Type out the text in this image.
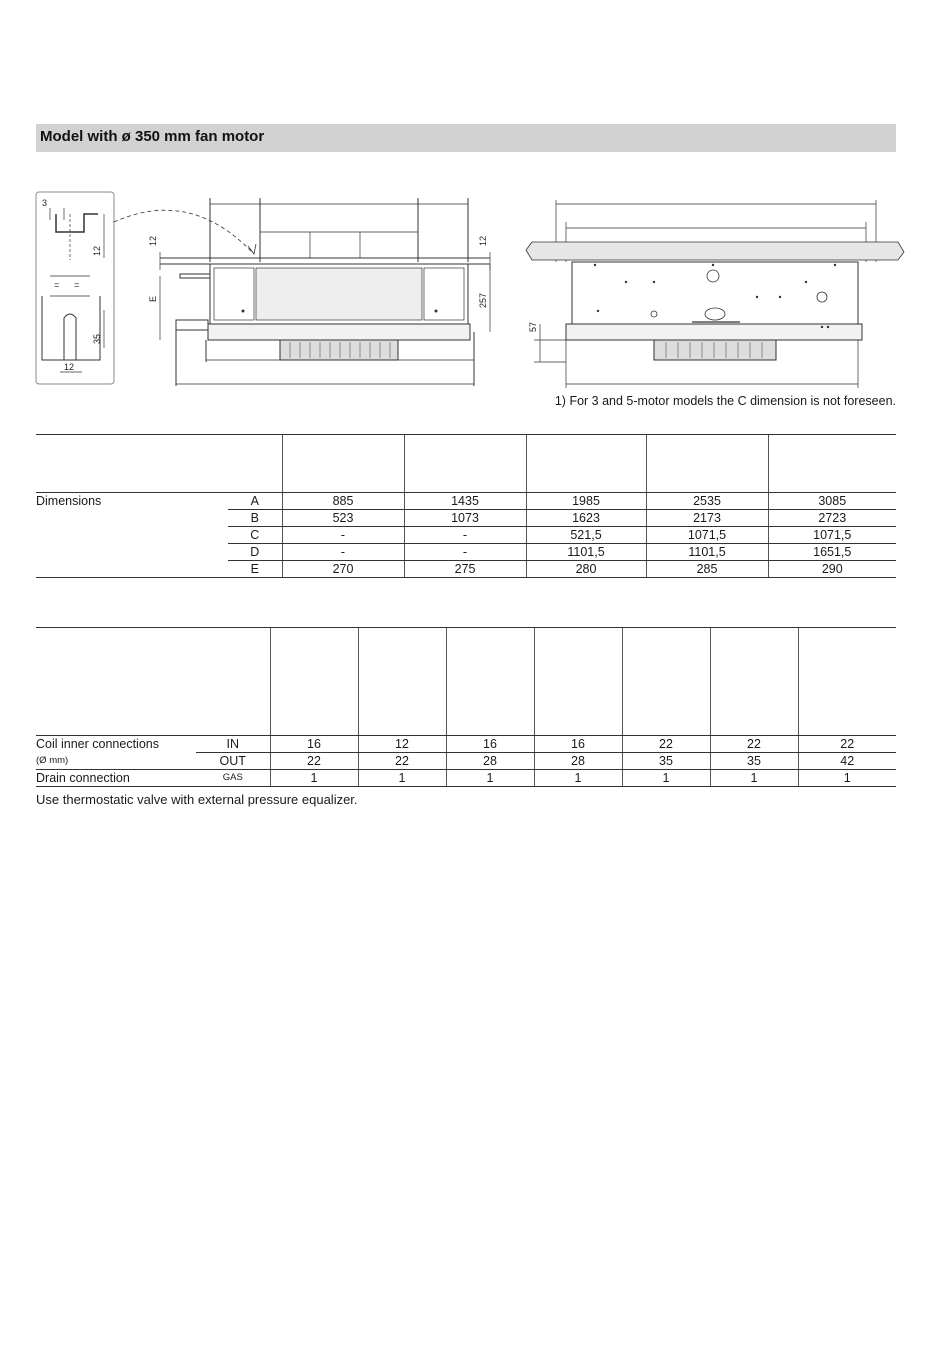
Model with ø 350 mm fan motor
3
12
= =
35
12
12
E
12
257
57
1) For 3 and 5-motor models the C dimension is not foreseen.

Dimensions	A	885	1435	1985	2535	3085
	B	523	1073	1623	2173	2723
	C	-	-	521,5	1071,5	1071,5
	D	-	-	1101,5	1101,5	1651,5
	E	270	275	280	285	290

Coil inner connections	IN	16	12	16	16	22	22	22
(Ø mm)	OUT	22	22	28	28	35	35	42
Drain connection	GAS	1	1	1	1	1	1	1
Use thermostatic valve with external pressure equalizer.
